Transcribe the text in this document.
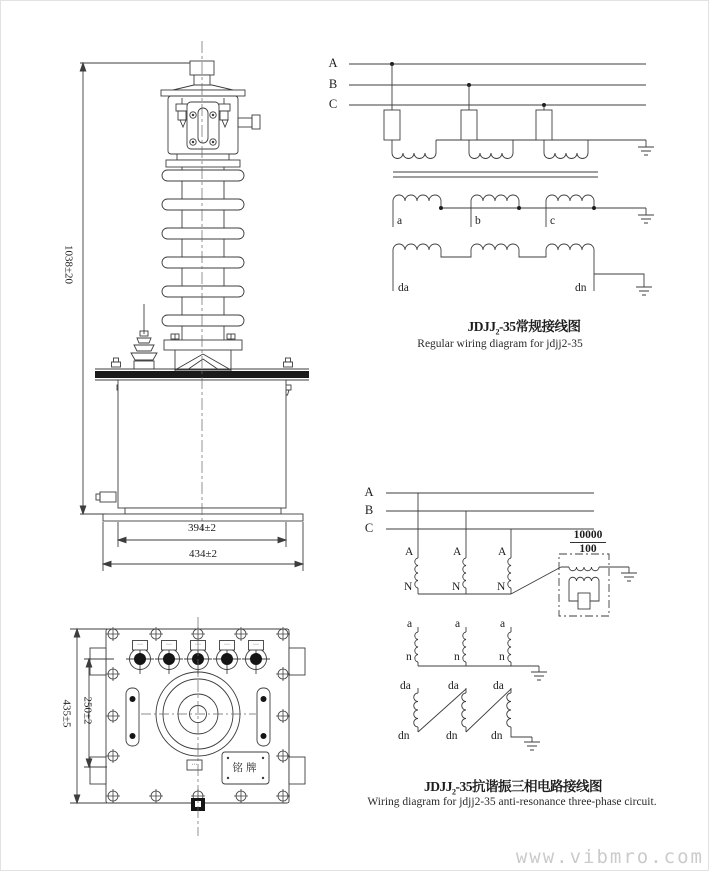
1038±20
394±2
434±2
435±5 250±2
铭牌
···	···	···	···	···
···
A
B
C
a	b	c
da	dn
$JDJJ_2-35$常规接线图
Regular wiring diagram for jdjj2-35
A
B
C
A	A	A
N	N	N
a	a	a
n	n	n
da	da	da
dn	dn	dn
10000
100
$JDJJ_2-35$抗谐振三相电路接线图
Wiring diagram for jdjj2-35 anti-resonance three-phase circuit.
www.vibmro.com
